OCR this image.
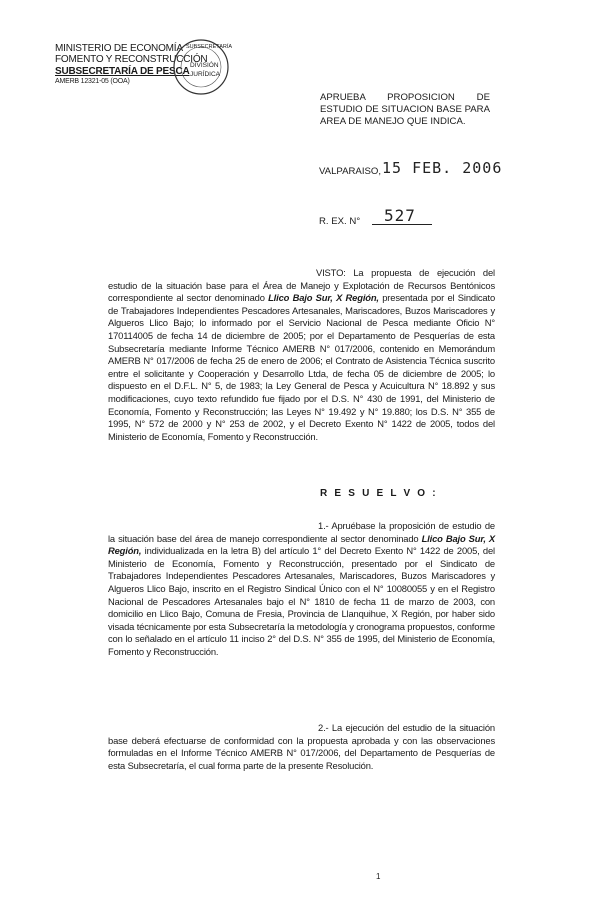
MINISTERIO DE ECONOMÍA
FOMENTO Y RECONSTRUCCIÓN
SUBSECRETARÍA DE PESCA
AMERB 12321-05 (OOA)
SUBSECRETARÍA
DIVISIÓN
JURÍDICA
APRUEBA PROPOSICION DE
ESTUDIO DE SITUACION BASE PARA
AREA DE MANEJO QUE INDICA.
VALPARAISO, 15 FEB. 2006
R. EX. N° 527
VISTO: La propuesta de ejecución del estudio de la situación base para el Área de Manejo y Explotación de Recursos Bentónicos correspondiente al sector denominado Llico Bajo Sur, X Región, presentada por el Sindicato de Trabajadores Independientes Pescadores Artesanales, Mariscadores, Buzos Mariscadores y Algueros Llico Bajo; lo informado por el Servicio Nacional de Pesca mediante Oficio N° 170114005 de fecha 14 de diciembre de 2005; por el Departamento de Pesquerías de esta Subsecretaría mediante Informe Técnico AMERB N° 017/2006, contenido en Memorándum AMERB N° 017/2006 de fecha 25 de enero de 2006; el Contrato de Asistencia Técnica suscrito entre el solicitante y Cooperación y Desarrollo Ltda, de fecha 05 de diciembre de 2005; lo dispuesto en el D.F.L. N° 5, de 1983; la Ley General de Pesca y Acuicultura N° 18.892 y sus modificaciones, cuyo texto refundido fue fijado por el D.S. N° 430 de 1991, del Ministerio de Economía, Fomento y Reconstrucción; las Leyes N° 19.492 y N° 19.880; los D.S. N° 355 de 1995, N° 572 de 2000 y N° 253 de 2002, y el Decreto Exento N° 1422 de 2005, todos del Ministerio de Economía, Fomento y Reconstrucción.
R E S U E L V O :
1.- Apruébase la proposición de estudio de la situación base del área de manejo correspondiente al sector denominado Llico Bajo Sur, X Región, individualizada en la letra B) del artículo 1° del Decreto Exento N° 1422 de 2005, del Ministerio de Economía, Fomento y Reconstrucción, presentado por el Sindicato de Trabajadores Independientes Pescadores Artesanales, Mariscadores, Buzos Mariscadores y Algueros Llico Bajo, inscrito en el Registro Sindical Único con el N° 10080055 y en el Registro Nacional de Pescadores Artesanales bajo el N° 1810 de fecha 11 de marzo de 2003, con domicilio en Llico Bajo, Comuna de Fresia, Provincia de Llanquihue, X Región, por haber sido visada técnicamente por esta Subsecretaría la metodología y cronograma propuestos, conforme con lo señalado en el artículo 11 inciso 2° del D.S. N° 355 de 1995, del Ministerio de Economía, Fomento y Reconstrucción.
2.- La ejecución del estudio de la situación base deberá efectuarse de conformidad con la propuesta aprobada y con las observaciones formuladas en el Informe Técnico AMERB N° 017/2006, del Departamento de Pesquerías de esta Subsecretaría, el cual forma parte de la presente Resolución.
1
